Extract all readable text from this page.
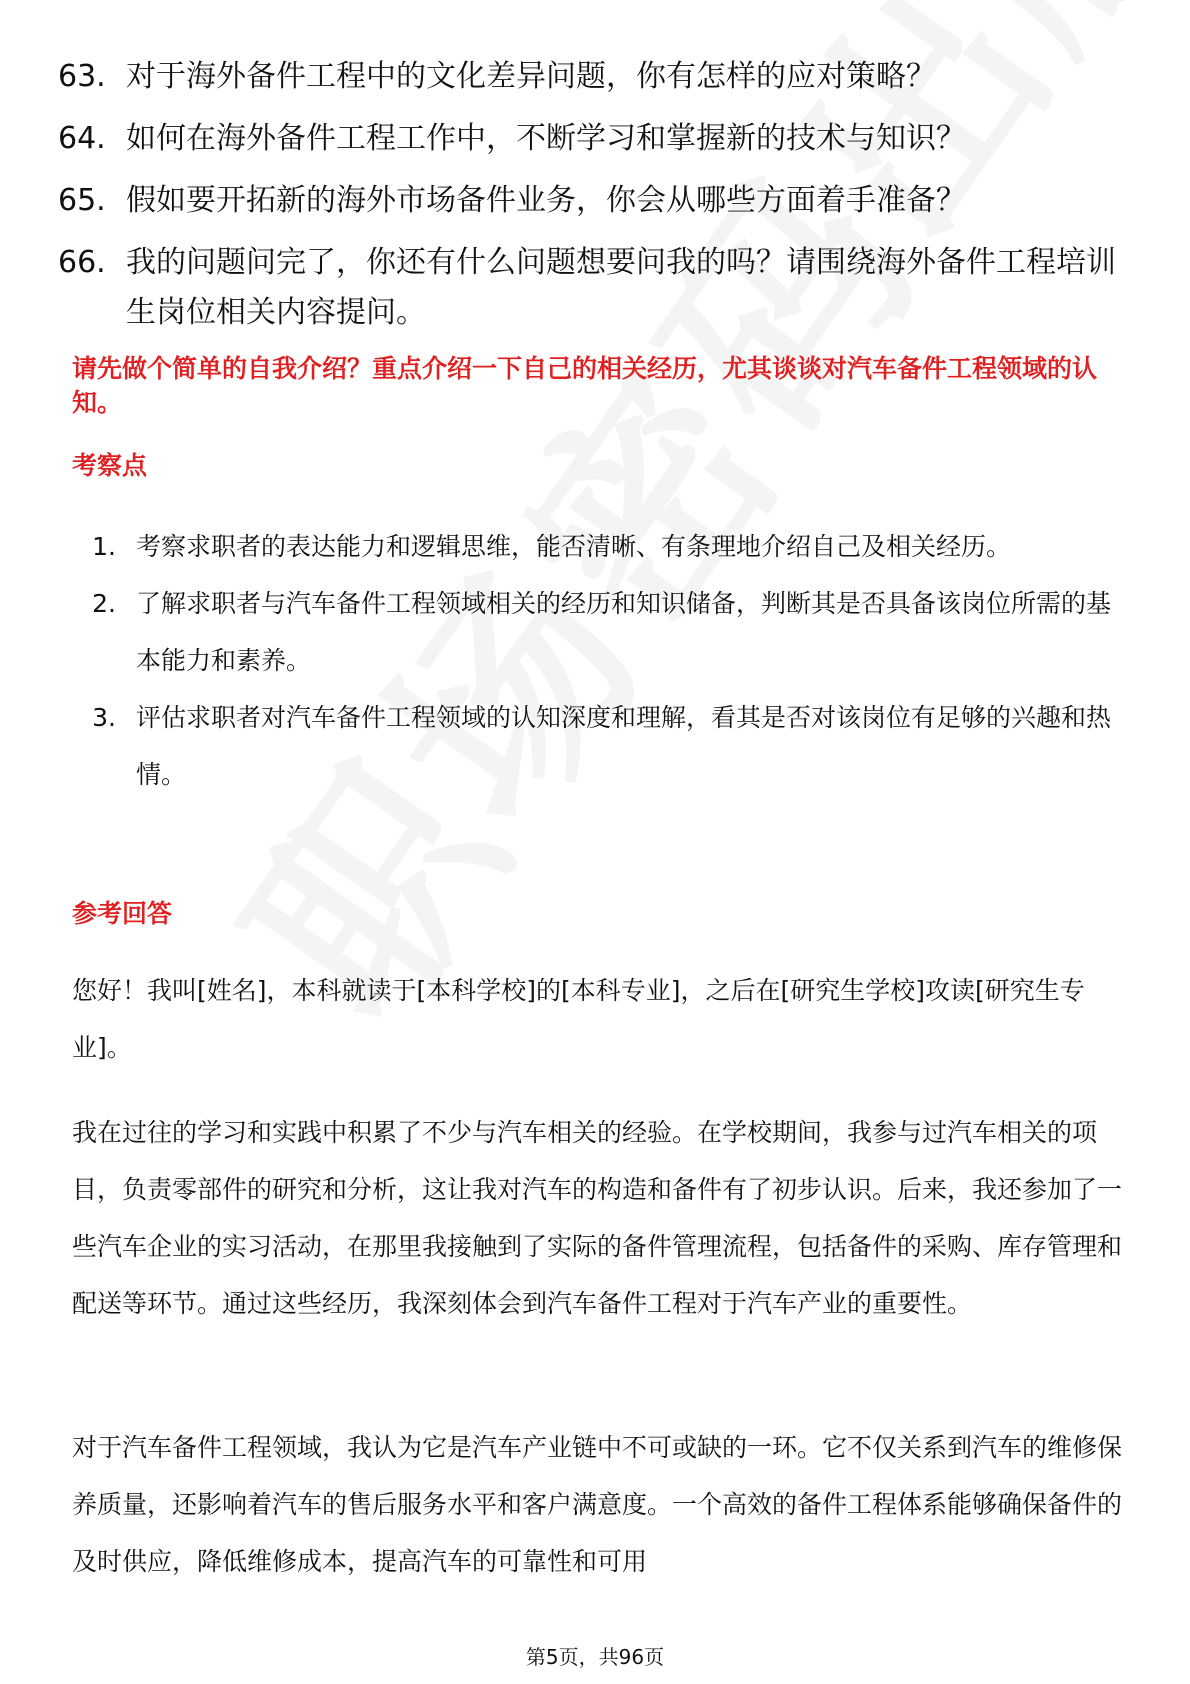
63. 对于海外备件工程中的文化差异问题，你有怎样的应对策略？
64. 如何在海外备件工程工作中，不断学习和掌握新的技术与知识？
65. 假如要开拓新的海外市场备件业务，你会从哪些方面着手准备？
66. 我的问题问完了，你还有什么问题想要问我的吗？请围绕海外备件工程培训生岗位相关内容提问。
请先做个简单的自我介绍？重点介绍一下自己的相关经历，尤其谈谈对汽车备件工程领域的认知。
考察点
1. 考察求职者的表达能力和逻辑思维，能否清晰、有条理地介绍自己及相关经历。
2. 了解求职者与汽车备件工程领域相关的经历和知识储备，判断其是否具备该岗位所需的基本能力和素养。
3. 评估求职者对汽车备件工程领域的认知深度和理解，看其是否对该岗位有足够的兴趣和热情。
参考回答
您好！我叫[姓名]，本科就读于[本科学校]的[本科专业]，之后在[研究生学校]攻读[研究生专业]。
我在过往的学习和实践中积累了不少与汽车相关的经验。在学校期间，我参与过汽车相关的项目，负责零部件的研究和分析，这让我对汽车的构造和备件有了初步认识。后来，我还参加了一些汽车企业的实习活动，在那里我接触到了实际的备件管理流程，包括备件的采购、库存管理和配送等环节。通过这些经历，我深刻体会到汽车备件工程对于汽车产业的重要性。
对于汽车备件工程领域，我认为它是汽车产业链中不可或缺的一环。它不仅关系到汽车的维修保养质量，还影响着汽车的售后服务水平和客户满意度。一个高效的备件工程体系能够确保备件的及时供应，降低维修成本，提高汽车的可靠性和可用
第5页，共96页
